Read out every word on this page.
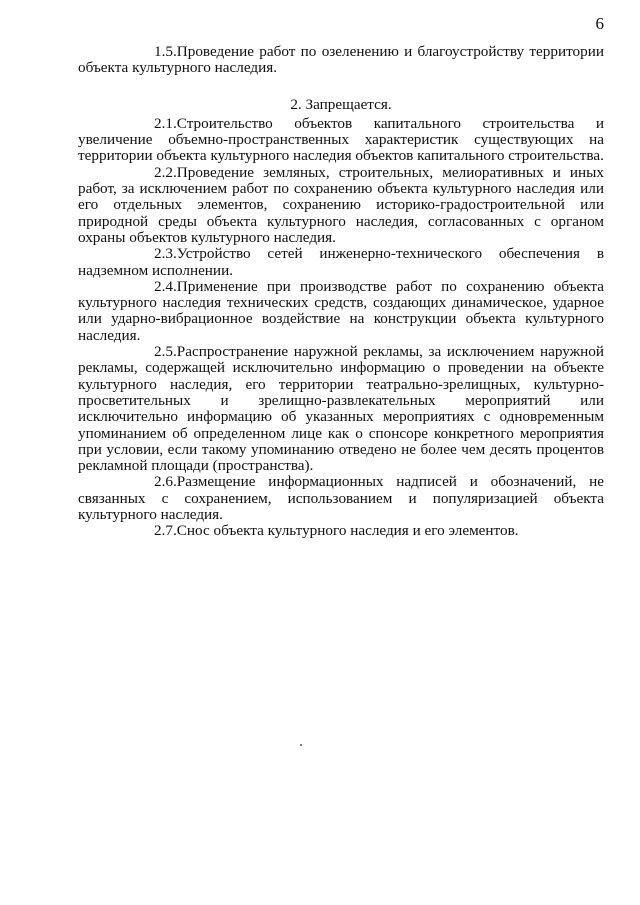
6

1.5.Проведение работ по озеленению и благоустройству территории объекта культурного наследия.

2. Запрещается.

2.1.Строительство объектов капитального строительства и увеличение объемно-пространственных характеристик существующих на территории объекта культурного наследия объектов капитального строительства.

2.2.Проведение земляных, строительных, мелиоративных и иных работ, за исключением работ по сохранению объекта культурного наследия или его отдельных элементов, сохранению историко-градостроительной или природной среды объекта культурного наследия, согласованных с органом охраны объектов культурного наследия.

2.3.Устройство сетей инженерно-технического обеспечения в надземном исполнении.

2.4.Применение при производстве работ по сохранению объекта культурного наследия технических средств, создающих динамическое, ударное или ударно-вибрационное воздействие на конструкции объекта культурного наследия.

2.5.Распространение наружной рекламы, за исключением наружной рекламы, содержащей исключительно информацию о проведении на объекте культурного наследия, его территории театрально-зрелищных, культурно-просветительных и зрелищно-развлекательных мероприятий или исключительно информацию об указанных мероприятиях с одновременным упоминанием об определенном лице как о спонсоре конкретного мероприятия при условии, если такому упоминанию отведено не более чем десять процентов рекламной площади (пространства).

2.6.Размещение информационных надписей и обозначений, не связанных с сохранением, использованием и популяризацией объекта культурного наследия.

2.7.Снос объекта культурного наследия и его элементов.
